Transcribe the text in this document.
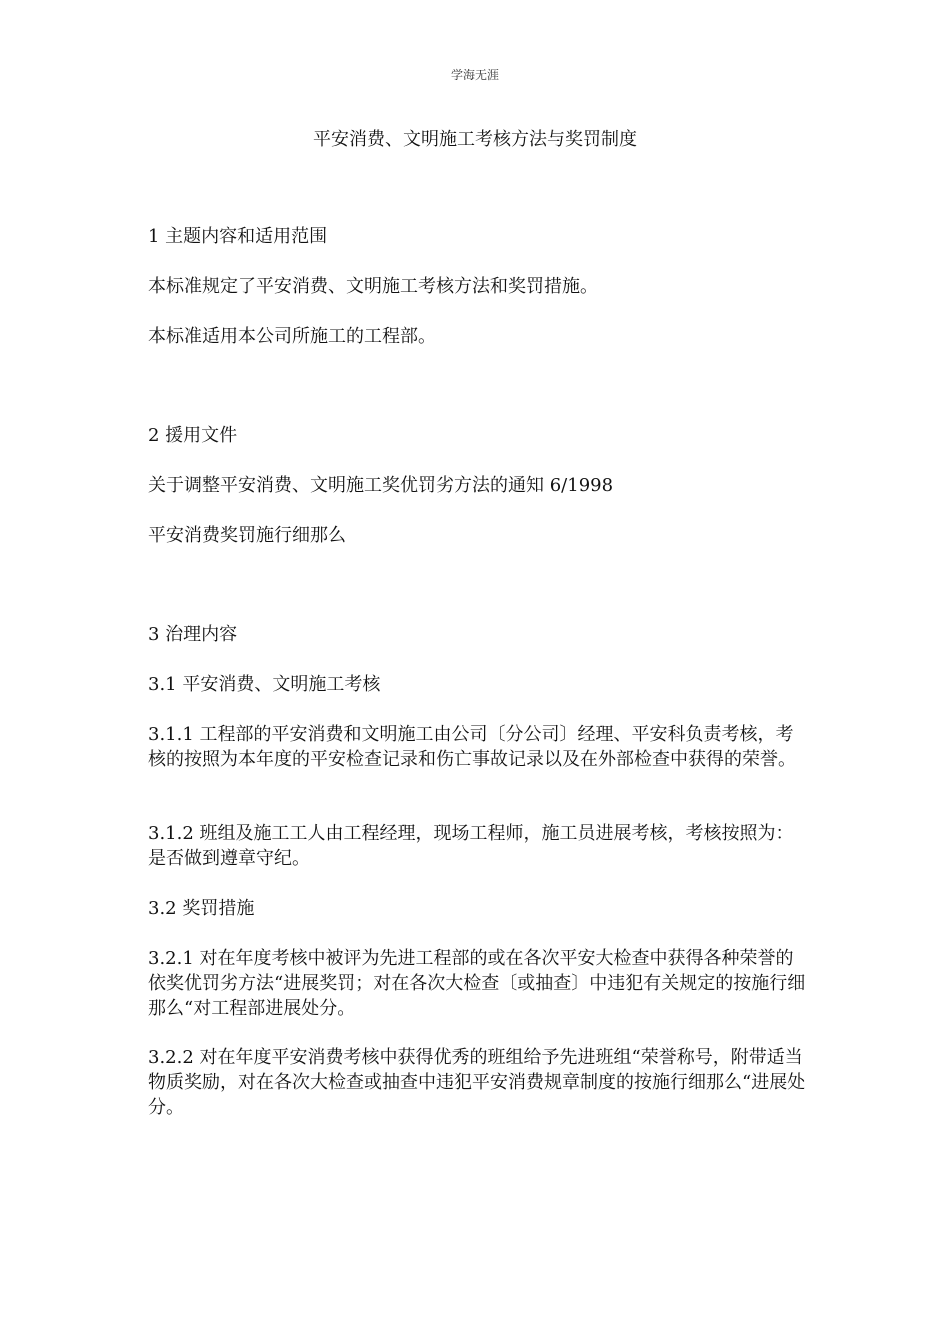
学海无涯
平安消费、文明施工考核方法与奖罚制度

1 主题内容和适用范围

本标准规定了平安消费、文明施工考核方法和奖罚措施。

本标准适用本公司所施工的工程部。

2 援用文件

关于调整平安消费、文明施工奖优罚劣方法的通知 6/1998

平安消费奖罚施行细那么

3 治理内容

3.1 平安消费、文明施工考核

3.1.1 工程部的平安消费和文明施工由公司〔分公司〕经理、平安科负责考核，考核的按照为本年度的平安检查记录和伤亡事故记录以及在外部检查中获得的荣誉。

3.1.2 班组及施工工人由工程经理，现场工程师，施工员进展考核，考核按照为：是否做到遵章守纪。

3.2 奖罚措施

3.2.1 对在年度考核中被评为先进工程部的或在各次平安大检查中获得各种荣誉的依奖优罚劣方法“进展奖罚；对在各次大检查〔或抽查〕中违犯有关规定的按施行细那么“对工程部进展处分。

3.2.2 对在年度平安消费考核中获得优秀的班组给予先进班组“荣誉称号，附带适当物质奖励，对在各次大检查或抽查中违犯平安消费规章制度的按施行细那么“进展处分。
